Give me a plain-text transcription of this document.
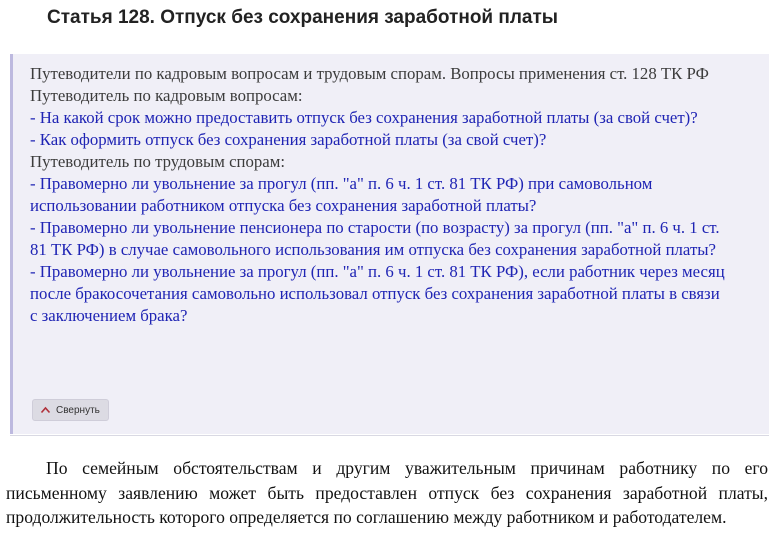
Статья 128. Отпуск без сохранения заработной платы
Путеводители по кадровым вопросам и трудовым спорам. Вопросы применения ст. 128 ТК РФ
Путеводитель по кадровым вопросам:
- На какой срок можно предоставить отпуск без сохранения заработной платы (за свой счет)?
- Как оформить отпуск без сохранения заработной платы (за свой счет)?
Путеводитель по трудовым спорам:
- Правомерно ли увольнение за прогул (пп. "а" п. 6 ч. 1 ст. 81 ТК РФ) при самовольном использовании работником отпуска без сохранения заработной платы?
- Правомерно ли увольнение пенсионера по старости (по возрасту) за прогул (пп. "а" п. 6 ч. 1 ст. 81 ТК РФ) в случае самовольного использования им отпуска без сохранения заработной платы?
- Правомерно ли увольнение за прогул (пп. "а" п. 6 ч. 1 ст. 81 ТК РФ), если работник через месяц после бракосочетания самовольно использовал отпуск без сохранения заработной платы в связи с заключением брака?
Свернуть

По семейным обстоятельствам и другим уважительным причинам работнику по его письменному заявлению может быть предоставлен отпуск без сохранения заработной платы, продолжительность которого определяется по соглашению между работником и работодателем.
